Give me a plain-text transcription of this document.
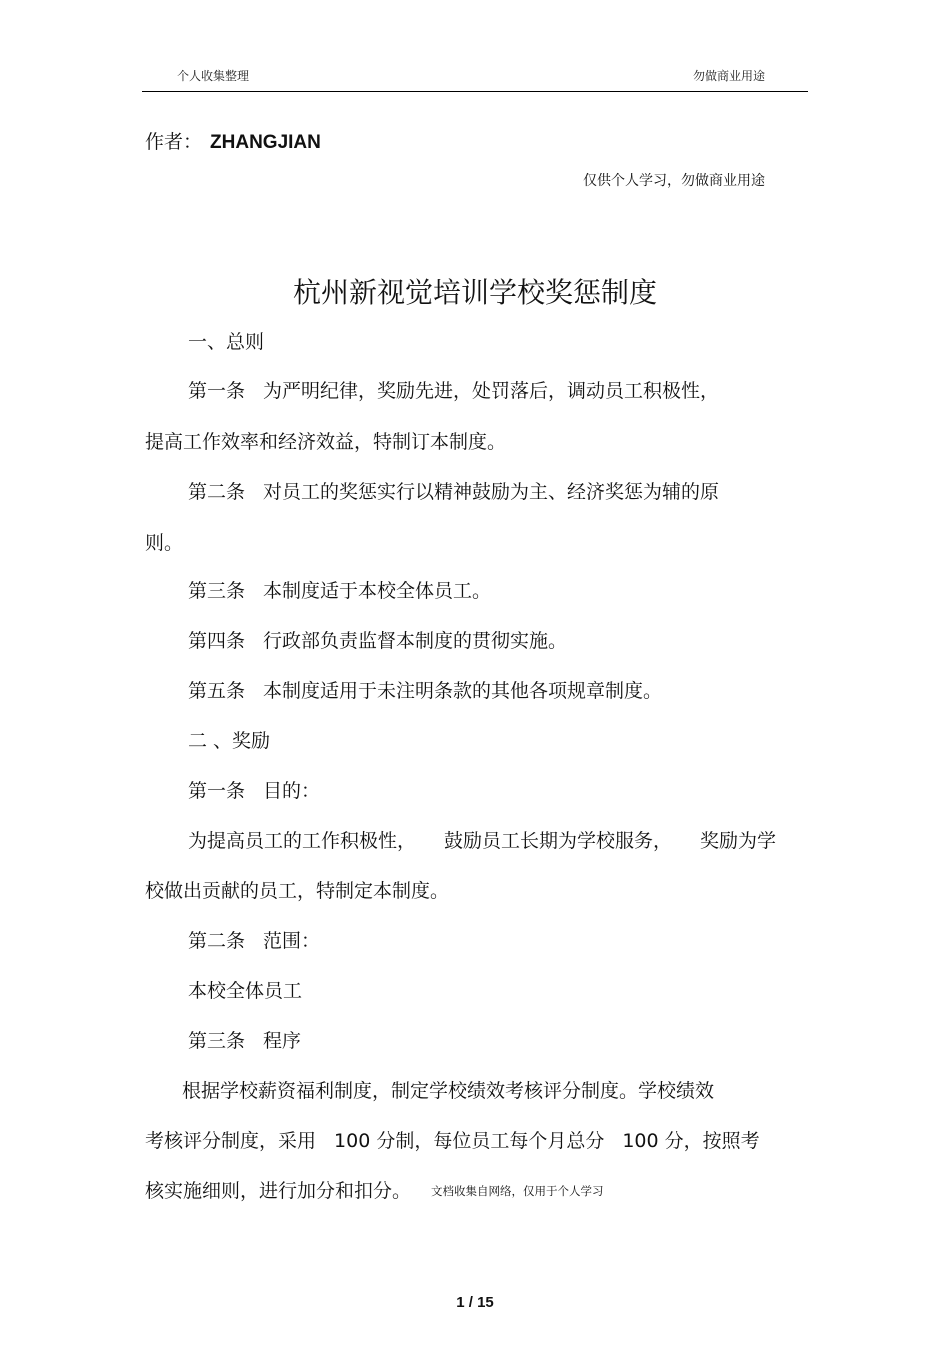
个人收集整理	勿做商业用途
作者： ZHANGJIAN
仅供个人学习，勿做商业用途
杭州新视觉培训学校奖惩制度
一、总则
第一条 为严明纪律，奖励先进，处罚落后，调动员工积极性，
提高工作效率和经济效益，特制订本制度。
第二条 对员工的奖惩实行以精神鼓励为主、经济奖惩为辅的原
则。
第三条 本制度适于本校全体员工。
第四条 行政部负责监督本制度的贯彻实施。
第五条 本制度适用于未注明条款的其他各项规章制度。
二 、奖励
第一条 目的：
为提高员工的工作积极性， 鼓励员工长期为学校服务， 奖励为学
校做出贡献的员工，特制定本制度。
第二条 范围：
本校全体员工
第三条 程序
根据学校薪资福利制度，制定学校绩效考核评分制度。学校绩效
考核评分制度，采用 100 分制，每位员工每个月总分 100 分，按照考
核实施细则，进行加分和扣分。 文档收集自网络，仅用于个人学习
1 / 15
